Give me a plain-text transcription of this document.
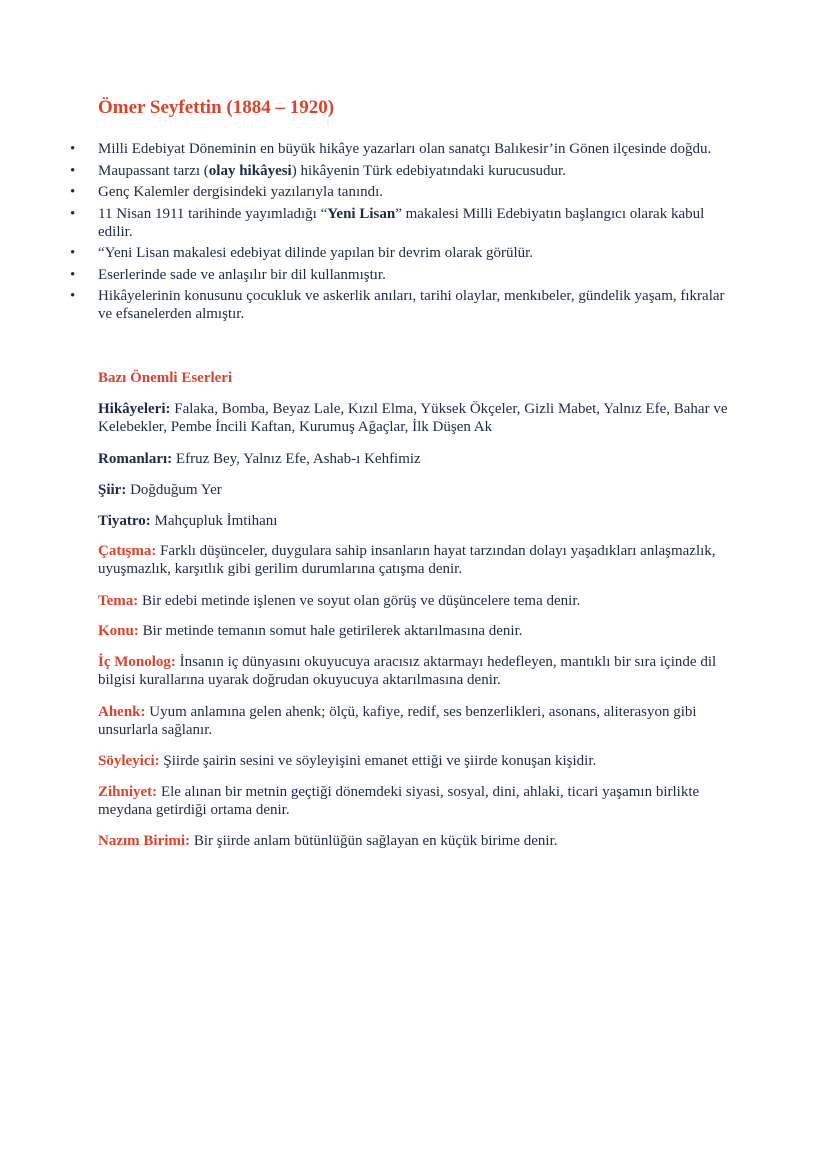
Ömer Seyfettin (1884 – 1920)
• Milli Edebiyat Döneminin en büyük hikâye yazarları olan sanatçı Balıkesir’in Gönen ilçesinde doğdu.
• Maupassant tarzı (olay hikâyesi) hikâyenin Türk edebiyatındaki kurucusudur.
• Genç Kalemler dergisindeki yazılarıyla tanındı.
• 11 Nisan 1911 tarihinde yayımladığı “Yeni Lisan” makalesi Milli Edebiyatın başlangıcı olarak kabul edilir.
• “Yeni Lisan makalesi edebiyat dilinde yapılan bir devrim olarak görülür.
• Eserlerinde sade ve anlaşılır bir dil kullanmıştır.
• Hikâyelerinin konusunu çocukluk ve askerlik anıları, tarihi olaylar, menkıbeler, gündelik yaşam, fıkralar ve efsanelerden almıştır.
Bazı Önemli Eserleri

Hikâyeleri: Falaka, Bomba, Beyaz Lale, Kızıl Elma, Yüksek Ökçeler, Gizli Mabet, Yalnız Efe, Bahar ve Kelebekler, Pembe İncili Kaftan, Kurumuş Ağaçlar, İlk Düşen Ak

Romanları: Efruz Bey, Yalnız Efe, Ashab-ı Kehfimiz

Şiir: Doğduğum Yer

Tiyatro: Mahçupluk İmtihanı

Çatışma: Farklı düşünceler, duygulara sahip insanların hayat tarzından dolayı yaşadıkları anlaşmazlık, uyuşmazlık, karşıtlık gibi gerilim durumlarına çatışma denir.

Tema: Bir edebi metinde işlenen ve soyut olan görüş ve düşüncelere tema denir.

Konu: Bir metinde temanın somut hale getirilerek aktarılmasına denir.

İç Monolog: İnsanın iç dünyasını okuyucuya aracısız aktarmayı hedefleyen, mantıklı bir sıra içinde dil bilgisi kurallarına uyarak doğrudan okuyucuya aktarılmasına denir.

Ahenk: Uyum anlamına gelen ahenk; ölçü, kafiye, redif, ses benzerlikleri, asonans, aliterasyon gibi unsurlarla sağlanır.

Söyleyici: Şiirde şairin sesini ve söyleyişini emanet ettiği ve şiirde konuşan kişidir.

Zihniyet: Ele alınan bir metnin geçtiği dönemdeki siyasi, sosyal, dini, ahlaki, ticari yaşamın birlikte meydana getirdiği ortama denir.

Nazım Birimi: Bir şiirde anlam bütünlüğün sağlayan en küçük birime denir.
